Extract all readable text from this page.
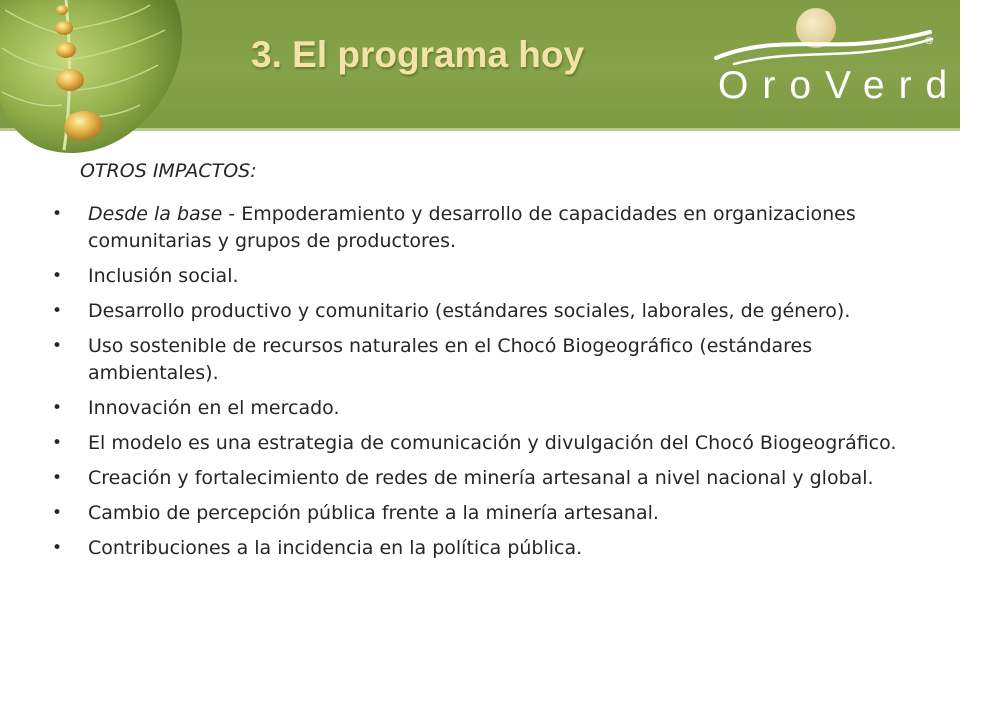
3. El programa hoy
OroVerde
®
OTROS IMPACTOS:
• Desde la base - Empoderamiento y desarrollo de capacidades en organizaciones comunitarias y grupos de productores.
• Inclusión social.
• Desarrollo productivo y comunitario (estándares sociales, laborales, de género).
• Uso sostenible de recursos naturales en el Chocó Biogeográfico (estándares ambientales).
• Innovación en el mercado.
• El modelo es una estrategia de comunicación y divulgación del Chocó Biogeográfico.
• Creación y fortalecimiento de redes de minería artesanal a nivel nacional y global.
• Cambio de percepción pública frente a la minería artesanal.
• Contribuciones a la incidencia en la política pública.
